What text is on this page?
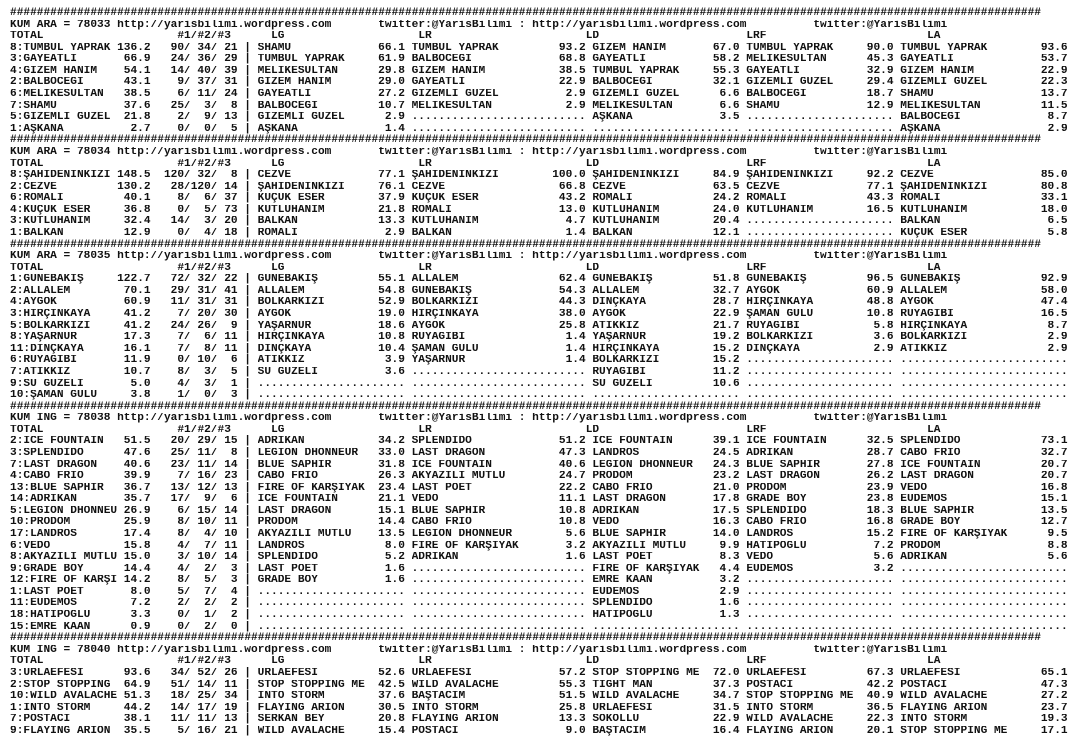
##########################################################################################################################################################
KUM ARA = 78033 http://yarisbilimi.wordpress.com	twitter:@YarisBilimi : http://yarisbilimi.wordpress.com	twitter:@YarisBilimi
TOTAL	#1/#2/#3	LG	LR	LD	LRF	LA
8:TUMBUL YAPRAK 136.2 90 / 34 / 21 | SHAMU	66.1 TUMBUL YAPRAK	93.2 GİZEM HANIM	67.0 TUMBUL YAPRAK	90.0 TUMBUL YAPRAK	93.6
3:GAYEATLI	66.9 24 / 36 / 29 | TUMBUL YAPRAK	61.9 BALBÖCEĞİ	68.8 GAYEATLI	58.2 MELİKESULTAN	45.3 GAYEATLI	53.7
4:GİZEM HANIM 54.1 14 / 40 / 39 | MELİKESULTAN	29.8 GİZEM HANIM	38.5 TUMBUL YAPRAK	55.3 GAYEATLI	32.9 GİZEM HANIM	22.9
2:BALBÖCEĞİ	43.1 9 / 37 / 31 | GİZEM HANIM	29.0 GAYEATLI	22.9 BALBÖCEĞİ	32.1 GİZEMLİ GÜZEL	29.4 GİZEMLİ GÜZEL	22.3
6:MELİKESULTAN 38.5 6 / 11 / 24 | GAYEATLI	27.2 GİZEMLİ GÜZEL	2.9 GİZEMLİ GÜZEL	6.6 BALBÖCEĞİ	18.7 SHAMU	13.7
7:SHAMU	37.6 25 / 3 / 8 | BALBÖCEĞİ	10.7 MELİKESULTAN	2.9 MELİKESULTAN	6.6 SHAMU	12.9 MELİKESULTAN	11.5
5:GİZEMLİ GÜZEL 21.8 2 / 9 / 13 | GİZEMLİ GÜZEL	2.9 .......................... AŞKANA	3.5 ...................... BALBÖCEĞİ	8.7
1:AŞKANA	2.7 0 / 0 / 5 | AŞKANA	1.4 .......................... ...................... ...................... AŞKANA	2.9
##########################################################################################################################################################
KUM ARA = 78034 http://yarisbilimi.wordpress.com	twitter:@YarisBilimi : http://yarisbilimi.wordpress.com	twitter:@YarisBilimi
TOTAL	#1/#2/#3	LG	LR	LD	LRF	LA
8:ŞAHİDENİNKIZI 148.5 120 / 32 / 8 | CEZVE	77.1 ŞAHİDENİNKIZI	100.0 ŞAHİDENİNKIZI	84.9 ŞAHİDENİNKIZI	92.2 CEZVE	85.0
2:CEZVE	130.2 28 / 120 / 14 | ŞAHİDENİNKIZI	76.1 CEZVE	66.8 CEZVE	63.5 CEZVE	77.1 ŞAHİDENİNKIZI	80.8
6:ROMALI	40.1 8 / 6 / 37 | KÜÇÜK ESER	37.9 KÜÇÜK ESER	43.2 ROMALI	24.2 ROMALI	43.3 ROMALI	33.1
4:KÜÇÜK ESER	36.8 0 / 5 / 73 | KUTLUHANIM	21.8 ROMALI	13.0 KUTLUHANIM	24.0 KUTLUHANIM	16.5 KUTLUHANIM	18.0
3:KUTLUHANIM	32.4 14 / 3 / 20 | BALKAN	13.3 KUTLUHANIM	4.7 KUTLUHANIM	20.4 ...................... BALKAN	6.5
1:BALKAN	12.9 0 / 4 / 18 | ROMALI	2.9 BALKAN	1.4 BALKAN	12.1 ...................... KÜÇÜK ESER	5.8
##########################################################################################################################################################
KUM ARA = 78035 http://yarisbilimi.wordpress.com	twitter:@YarisBilimi : http://yarisbilimi.wordpress.com	twitter:@YarisBilimi
TOTAL	#1/#2/#3	LG	LR	LD	LRF	LA
1:GÜNEBAKIŞ	122.7 72 / 32 / 22 | GÜNEBAKIŞ	55.1 ALLALEM	62.4 GÜNEBAKIŞ	51.8 GÜNEBAKIŞ	96.5 GÜNEBAKIŞ	92.9
2:ALLALEM	70.1 29 / 31 / 41 | ALLALEM	54.8 GÜNEBAKIŞ	54.3 ALLALEM	32.7 AYGÖK	60.9 ALLALEM	58.0
4:AYGÖK	60.9 11 / 31 / 31 | BOLKARKIZI	52.9 BOLKARKIZI	44.3 DİNÇKAYA	28.7 HIRÇINKAYA	48.8 AYGÖK	47.4
3:HIRÇINKAYA	41.2 7 / 20 / 30 | AYGÖK	19.0 HIRÇINKAYA	38.0 AYGÖK	22.9 ŞAMAN GÜLÜ	10.8 RÜYAGİBİ	16.5
5:BOLKARKIZI	41.2 24 / 26 / 9 | YAŞARNUR	18.6 AYGÖK	25.8 ATİKKIZ	21.7 RÜYAGİBİ	5.8 HIRÇINKAYA	8.7
8:YAŞARNUR	17.3 7 / 6 / 11 | HIRÇINKAYA	10.8 RÜYAGİBİ	1.4 YAŞARNUR	19.2 BOLKARKIZI	3.6 BOLKARKIZI	2.9
11:DİNÇKAYA	16.1 7 / 8 / 11 | DİNÇKAYA	10.4 ŞAMAN GÜLÜ	1.4 HIRÇINKAYA	15.2 DİNÇKAYA	2.9 ATİKKIZ	2.9
6:RÜYAGİBİ	11.9 0 / 10 / 6 | ATİKKIZ	3.9 YAŞARNUR	1.4 BOLKARKIZI	15.2 ...................... .........................
7:ATİKKIZ	10.7 8 / 3 / 5 | SU GÜZELİ	3.6 .......................... RÜYAGİBİ	11.2 ...................... .........................
9:SU GÜZELİ	5.0 4 / 3 / 1 | ...................... .......................... SU GÜZELİ	10.6 ...................... .........................
10:ŞAMAN GÜLÜ	3.8 1 / 0 / 3 | ...................... .......................... ...................... ...................... .........................
##########################################################################################################################################################
KUM ING = 78038 http://yarisbilimi.wordpress.com	twitter:@YarisBilimi : http://yarisbilimi.wordpress.com	twitter:@YarisBilimi
TOTAL	#1/#2/#3	LG	LR	LD	LRF	LA
2:ICE FOUNTAIN 51.5 20 / 29 / 15 | ADRIKAN	34.2 SPLENDIDO	51.2 ICE FOUNTAIN	39.1 ICE FOUNTAIN	32.5 SPLENDIDO	73.1
3:SPLENDIDO	47.6 25 / 11 / 8 | LEGION DHONNEUR 33.0 LAST DRAGON	47.3 LANDROS	24.5 ADRIKAN	28.7 CABO FRIO	32.7
7:LAST DRAGON 40.6 23 / 11 / 14 | BLUE SAPHİR	31.8 ICE FOUNTAIN	40.6 LEGION DHONNEUR 24.3 BLUE SAPHİR	27.8 ICE FOUNTAIN	20.7
4:CABO FRIO	39.9 7 / 16 / 23 | CABO FRIO	26.3 AKYAZILI MUTLU	24.7 PRODOM	23.2 LAST DRAGON	26.2 LAST DRAGON	20.7
13:BLUE SAPHİR 36.7 13 / 12 / 13 | FIRE OF KARŞIYAK 23.4 LAST POET	22.2 CABO FRIO	21.0 PRODOM	23.9 VEDO	16.8
14:ADRIKAN	35.7 17 / 9 / 6 | ICE FOUNTAIN	21.1 VEDO	11.1 LAST DRAGON	17.8 GRADE BOY	23.8 EUDEMOS	15.1
5:LEGION DHONNEU 26.9 6 / 15 / 14 | LAST DRAGON	15.1 BLUE SAPHİR	10.8 ADRIKAN	17.5 SPLENDIDO	18.3 BLUE SAPHİR	13.5
10:PRODOM	25.9 8 / 10 / 11 | PRODOM	14.4 CABO FRIO	10.8 VEDO	16.3 CABO FRIO	16.8 GRADE BOY	12.7
17:LANDROS	17.4 8 / 4 / 10 | AKYAZILI MUTLU 13.5 LEGION DHONNEUR	5.6 BLUE SAPHİR	14.0 LANDROS	15.2 FIRE OF KARŞIYAK	9.5
6:VEDO	15.8 4 / 7 / 11 | LANDROS	8.0 FIRE OF KARŞIYAK	3.2 AKYAZILI MUTLU	9.9 HATİPOĞLU	7.2 PRODOM	8.8
8:AKYAZILI MUTLU 15.0 3 / 10 / 14 | SPLENDIDO	5.2 ADRIKAN	1.6 LAST POET	8.3 VEDO	5.6 ADRIKAN	5.6
9:GRADE BOY	14.4 4 / 2 / 3 | LAST POET	1.6 .......................... FIRE OF KARŞIYAK 4.4 EUDEMOS	3.2 .........................
12:FIRE OF KARŞI 14.2 8 / 5 / 3 | GRADE BOY	1.6 .......................... EMRE KAAN	3.2 ...................... .........................
1:LAST POET	8.0 5 / 7 / 4 | ...................... .......................... EUDEMOS	2.9 ...................... .........................
11:EUDEMOS	7.2 2 / 2 / 2 | ...................... .......................... SPLENDIDO	1.6 ...................... .........................
18:HATİPOĞLU	3.3 0 / 1 / 2 | ...................... .......................... HATİPOĞLU	1.3 ...................... .........................
15:EMRE KAAN	0.9 0 / 2 / 0 | ...................... .......................... ...................... ...................... .........................
##########################################################################################################################################################
KUM ING = 78040 http://yarisbilimi.wordpress.com	twitter:@YarisBilimi : http://yarisbilimi.wordpress.com	twitter:@YarisBilimi
TOTAL	#1/#2/#3	LG	LR	LD	LRF	LA
3:URLAEFESİ	93.6 34 / 52 / 26 | URLAEFESİ	52.6 URLAEFESİ	57.2 STOP STOPPING ME 72.0 URLAEFESİ	67.3 URLAEFESİ	65.1
2:STOP STOPPING 64.9 51 / 14 / 11 | STOP STOPPING ME 42.5 WILD AVALACHE	55.3 TIGHT MAN	37.3 POSTACI	42.2 POSTACI	47.3
10:WILD AVALACHE 51.3 18 / 25 / 34 | INTO STORM	37.6 BAŞTACIM	51.5 WILD AVALACHE	34.7 STOP STOPPING ME 40.9 WILD AVALACHE	27.2
1:INTO STORM	44.2 14 / 17 / 19 | FLAYING ARION	30.5 INTO STORM	25.8 URLAEFESİ	31.5 INTO STORM	36.5 FLAYING ARION	23.7
7:POSTACI	38.1 11 / 11 / 13 | SERKAN BEY	20.8 FLAYING ARION	13.3 SOKOLLU	22.9 WILD AVALACHE	22.3 INTO STORM	19.3
9:FLAYING ARION 35.5 5 / 16 / 21 | WILD AVALACHE	15.4 POSTACI	9.0 BAŞTACIM	16.4 FLAYING ARION	20.1 STOP STOPPING ME	17.1
